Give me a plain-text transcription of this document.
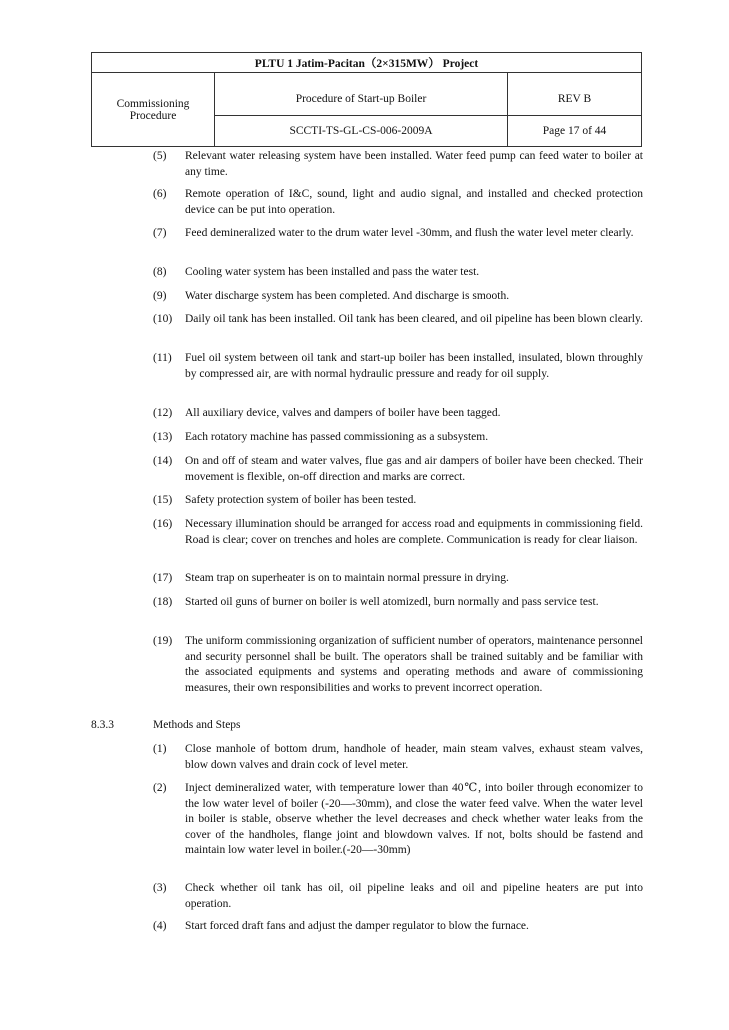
PLTU 1 Jatim-Pacitan（2×315MW） Project		
Commissioning Procedure	Procedure of Start-up Boiler	REV B
	SCCTI-TS-GL-CS-006-2009A	Page 17 of 44
(5)	Relevant water releasing system have been installed. Water feed pump can feed water to boiler at any time.
(6)	Remote operation of I&C, sound, light and audio signal, and installed and checked protection device can be put into operation.
(7)	Feed demineralized water to the drum water level -30mm, and flush the water level meter clearly.
(8)	Cooling water system has been installed and pass the water test.
(9)	Water discharge system has been completed. And discharge is smooth.
(10)	Daily oil tank has been installed. Oil tank has been cleared, and oil pipeline has been blown clearly.
(11)	Fuel oil system between oil tank and start-up boiler has been installed, insulated, blown throughly by compressed air, are with normal hydraulic pressure and ready for oil supply.
(12)	All auxiliary device, valves and dampers of boiler have been tagged.
(13)	Each rotatory machine has passed commissioning as a subsystem.
(14)	On and off of steam and water valves, flue gas and air dampers of boiler have been checked. Their movement is flexible, on-off direction and marks are correct.
(15)	Safety protection system of boiler has been tested.
(16)	Necessary illumination should be arranged for access road and equipments in commissioning field. Road is clear; cover on trenches and holes are complete. Communication is ready for clear liaison.
(17)	Steam trap on superheater is on to maintain normal pressure in drying.
(18)	Started oil guns of burner on boiler is well atomizedl, burn normally and pass service test.
(19)	The uniform commissioning organization of sufficient number of operators, maintenance personnel and security personnel shall be built. The operators shall be trained suitably and be familiar with the associated equipments and systems and operating methods and aware of commissioning measures, their own responsibilities and works to prevent incorrect operation.
8.3.3	Methods and Steps
(1)	Close manhole of bottom drum, handhole of header, main steam valves, exhaust steam valves, blow down valves and drain cock of level meter.
(2)	Inject demineralized water, with temperature lower than 40℃, into boiler through economizer to the low water level of boiler (-20—-30mm), and close the water feed valve. When the water level in boiler is stable, observe whether the level decreases and check whether water leaks from the cover of the handholes, flange joint and blowdown valves. If not, bolts should be fastend and maintain low water level in boiler.(-20—-30mm)
(3)	Check whether oil tank has oil, oil pipeline leaks and oil and pipeline heaters are put into operation.
(4)	Start forced draft fans and adjust the damper regulator to blow the furnace.
